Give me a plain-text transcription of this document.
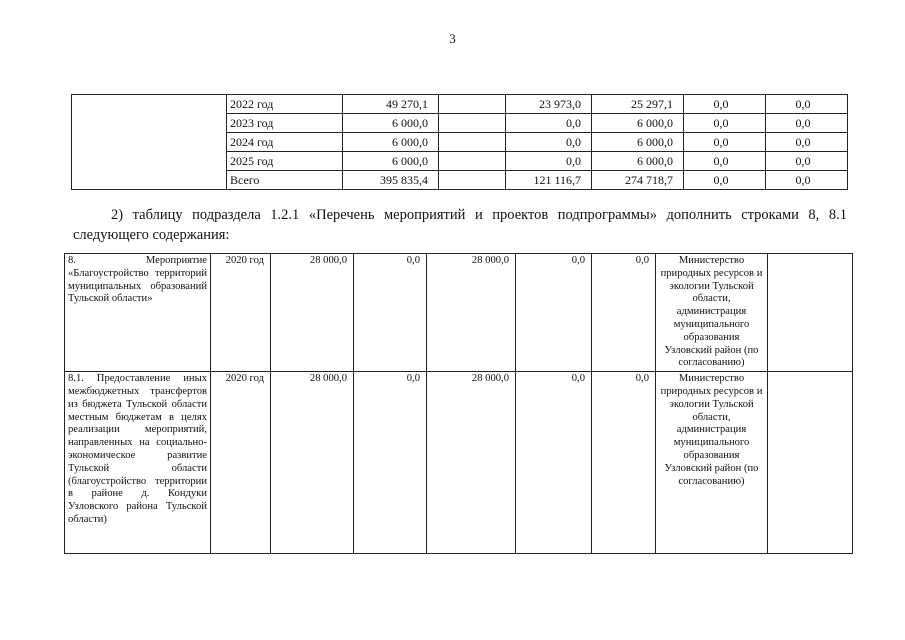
3
	2022 год	49 270,1		23 973,0	25 297,1	0,0	0,0
	2023 год	6 000,0		0,0	6 000,0	0,0	0,0
	2024 год	6 000,0		0,0	6 000,0	0,0	0,0
	2025 год	6 000,0		0,0	6 000,0	0,0	0,0
	Всего	395 835,4		121 116,7	274 718,7	0,0	0,0
2) таблицу подраздела 1.2.1 «Перечень мероприятий и проектов подпрограммы» дополнить строками 8, 8.1 следующего содержания:
8. Мероприятие «Благоустройство территорий муниципальных образований Тульской области»	2020 год	28 000,0	0,0	28 000,0	0,0	0,0	Министерство природных ресурсов и экологии Тульской области, администрация муниципального образования Узловский район (по согласованию)	
8.1. Предоставление иных межбюджетных трансфертов из бюджета Тульской области местным бюджетам в целях реализации мероприятий, направленных на социально-экономическое развитие Тульской области (благоустройство территории в районе д. Кондуки Узловского района Тульской области)	2020 год	28 000,0	0,0	28 000,0	0,0	0,0	Министерство природных ресурсов и экологии Тульской области, администрация муниципального образования Узловский район (по согласованию)	
